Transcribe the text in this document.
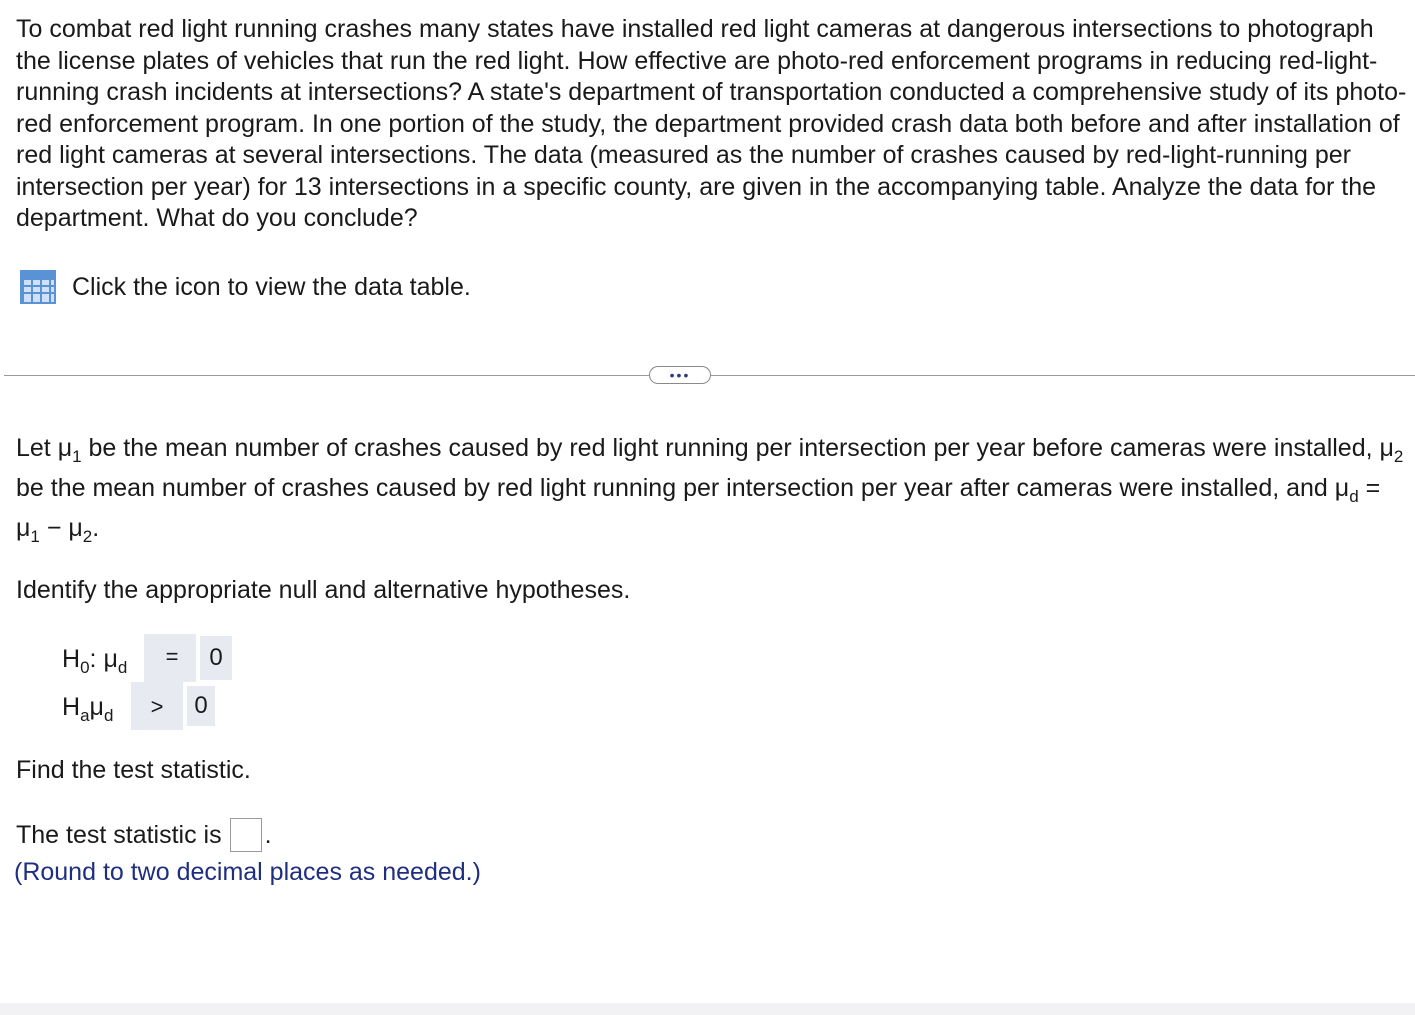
To combat red light running crashes many states have installed red light cameras at dangerous intersections to photograph the license plates of vehicles that run the red light. How effective are photo-red enforcement programs in reducing red-light-running crash incidents at intersections? A state's department of transportation conducted a comprehensive study of its photo-red enforcement program. In one portion of the study, the department provided crash data both before and after installation of red light cameras at several intersections. The data (measured as the number of crashes caused by red-light-running per intersection per year) for 13 intersections in a specific county, are given in the accompanying table. Analyze the data for the department. What do you conclude?

Click the icon to view the data table.
•••

Let $\mu_1$ be the mean number of crashes caused by red light running per intersection per year before cameras were installed, $\mu_2$ be the mean number of crashes caused by red light running per intersection per year after cameras were installed, and $\mu_d = \mu_1 - \mu_2$.

Identify the appropriate null and alternative hypotheses.

$H_0$: $\mu_d$ =	0
$H_a\mu_d$ >	0

Find the test statistic.

The test statistic is .

(Round to two decimal places as needed.)
